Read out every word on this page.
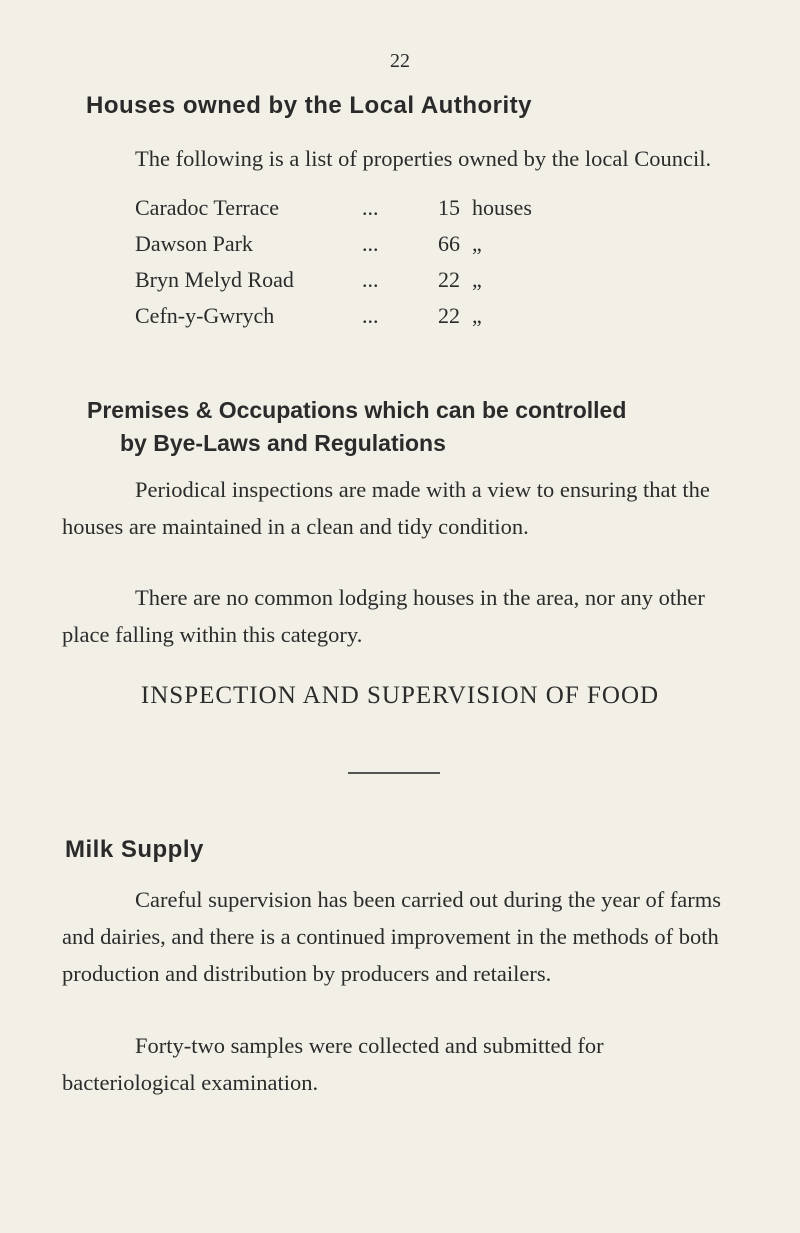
22
Houses owned by the Local Authority

The following is a list of properties owned by the local Council.

Caradoc Terrace	...	15 houses
Dawson Park	...	66 „
Bryn Melyd Road	...	22 „
Cefn-y-Gwrych	...	22 „
Premises & Occupations which can be controlled
by Bye-Laws and Regulations

Periodical inspections are made with a view to ensuring that the houses are maintained in a clean and tidy condition.

There are no common lodging houses in the area, nor any other place falling within this category.

INSPECTION AND SUPERVISION OF FOOD
Milk Supply

Careful supervision has been carried out during the year of farms and dairies, and there is a continued improvement in the methods of both production and distribution by producers and retailers.

Forty-two samples were collected and submitted for bacteriological examination.
